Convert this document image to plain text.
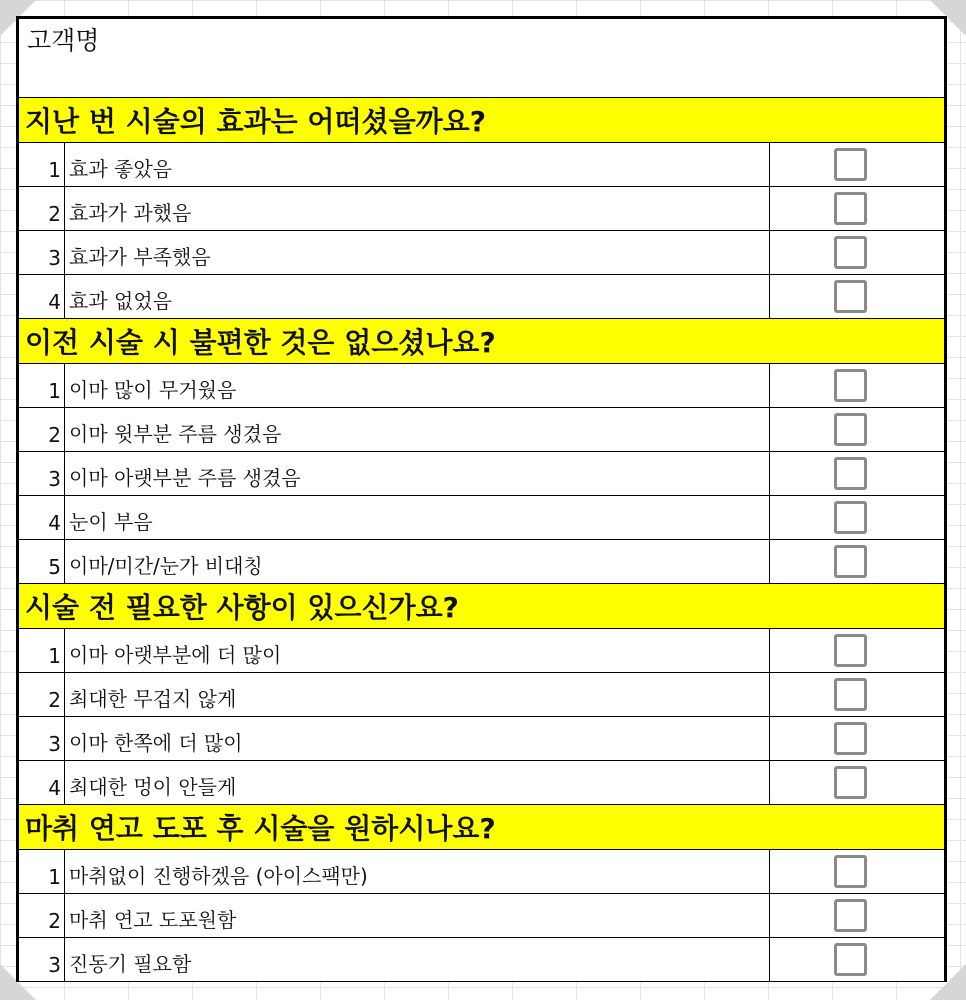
고객명
지난 번 시술의 효과는 어떠셨을까요?
1 효과 좋았음
2 효과가 과했음
3 효과가 부족했음
4 효과 없었음
이전 시술 시 불편한 것은 없으셨나요?
1 이마 많이 무거웠음
2 이마 윗부분 주름 생겼음
3 이마 아랫부분 주름 생겼음
4 눈이 부음
5 이마/미간/눈가 비대칭
시술 전 필요한 사항이 있으신가요?
1 이마 아랫부분에 더 많이
2 최대한 무겁지 않게
3 이마 한쪽에 더 많이
4 최대한 멍이 안들게
마취 연고 도포 후 시술을 원하시나요?
1 마취없이 진행하겠음 (아이스팩만)
2 마취 연고 도포원함
3 진동기 필요함
